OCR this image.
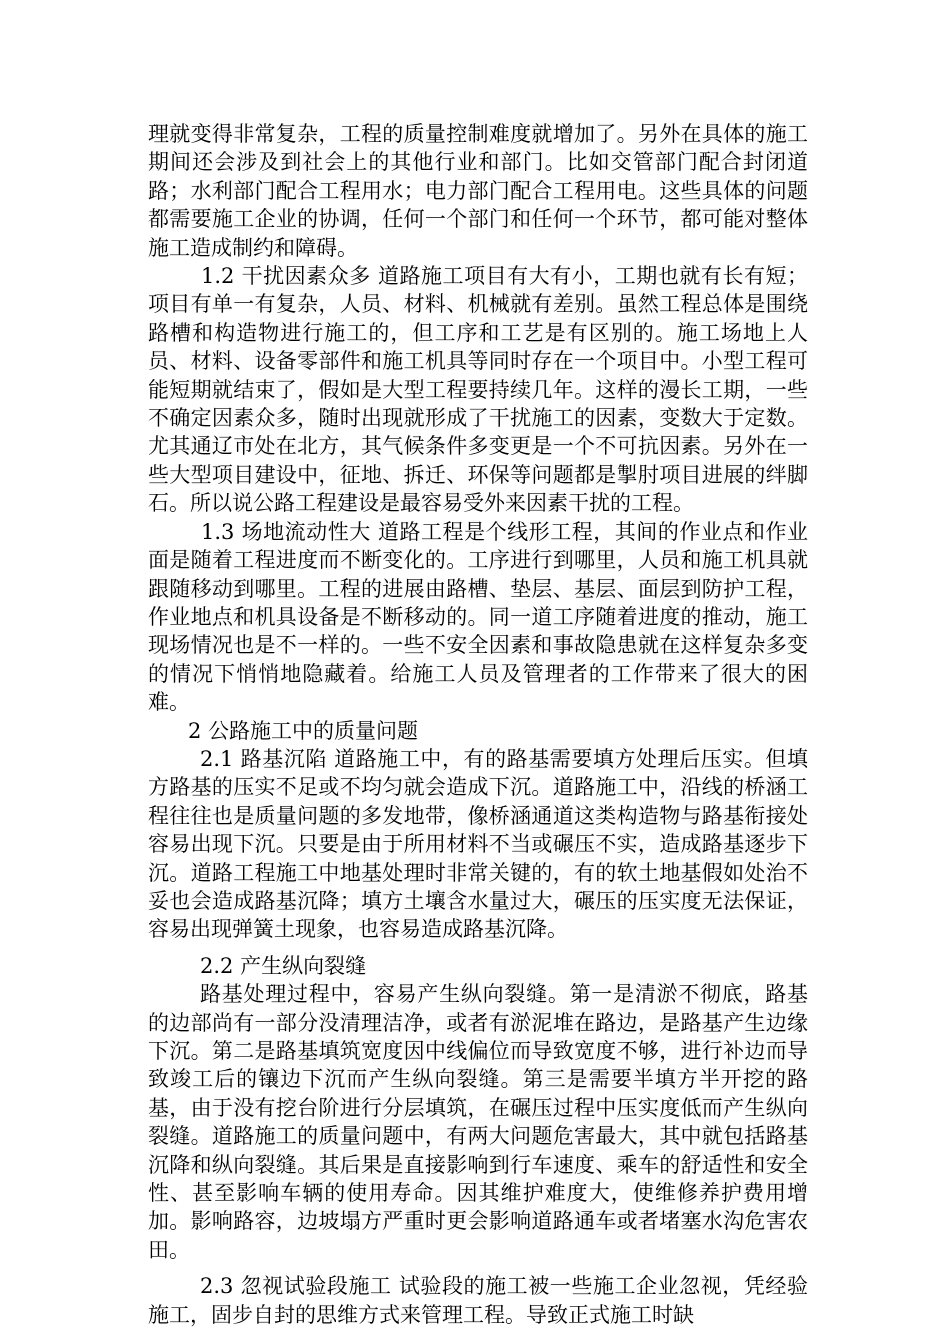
理就变得非常复杂，工程的质量控制难度就增加了。另外在具体的施工期间还会涉及到社会上的其他行业和部门。比如交管部门配合封闭道路；水利部门配合工程用水；电力部门配合工程用电。这些具体的问题都需要施工企业的协调，任何一个部门和任何一个环节，都可能对整体施工造成制约和障碍。

1.2 干扰因素众多 道路施工项目有大有小，工期也就有长有短；项目有单一有复杂，人员、材料、机械就有差别。虽然工程总体是围绕路槽和构造物进行施工的，但工序和工艺是有区别的。施工场地上人员、材料、设备零部件和施工机具等同时存在一个项目中。小型工程可能短期就结束了，假如是大型工程要持续几年。这样的漫长工期，一些不确定因素众多，随时出现就形成了干扰施工的因素，变数大于定数。尤其通辽市处在北方，其气候条件多变更是一个不可抗因素。另外在一些大型项目建设中，征地、拆迁、环保等问题都是掣肘项目进展的绊脚石。所以说公路工程建设是最容易受外来因素干扰的工程。

1.3 场地流动性大 道路工程是个线形工程，其间的作业点和作业面是随着工程进度而不断变化的。工序进行到哪里，人员和施工机具就跟随移动到哪里。工程的进展由路槽、垫层、基层、面层到防护工程，作业地点和机具设备是不断移动的。同一道工序随着进度的推动，施工现场情况也是不一样的。一些不安全因素和事故隐患就在这样复杂多变的情况下悄悄地隐藏着。给施工人员及管理者的工作带来了很大的困难。

2 公路施工中的质量问题

2.1 路基沉陷 道路施工中，有的路基需要填方处理后压实。但填方路基的压实不足或不均匀就会造成下沉。道路施工中，沿线的桥涵工程往往也是质量问题的多发地带，像桥涵通道这类构造物与路基衔接处容易出现下沉。只要是由于所用材料不当或碾压不实，造成路基逐步下沉。道路工程施工中地基处理时非常关键的，有的软土地基假如处治不妥也会造成路基沉降；填方土壤含水量过大，碾压的压实度无法保证，容易出现弹簧土现象，也容易造成路基沉降。

2.2 产生纵向裂缝

路基处理过程中，容易产生纵向裂缝。第一是清淤不彻底，路基的边部尚有一部分没清理洁净，或者有淤泥堆在路边，是路基产生边缘下沉。第二是路基填筑宽度因中线偏位而导致宽度不够，进行补边而导致竣工后的镶边下沉而产生纵向裂缝。第三是需要半填方半开挖的路基，由于没有挖台阶进行分层填筑，在碾压过程中压实度低而产生纵向裂缝。道路施工的质量问题中，有两大问题危害最大，其中就包括路基沉降和纵向裂缝。其后果是直接影响到行车速度、乘车的舒适性和安全性、甚至影响车辆的使用寿命。因其维护难度大，使维修养护费用增加。影响路容，边坡塌方严重时更会影响道路通车或者堵塞水沟危害农田。

2.3 忽视试验段施工 试验段的施工被一些施工企业忽视，凭经验施工，固步自封的思维方式来管理工程。导致正式施工时缺
